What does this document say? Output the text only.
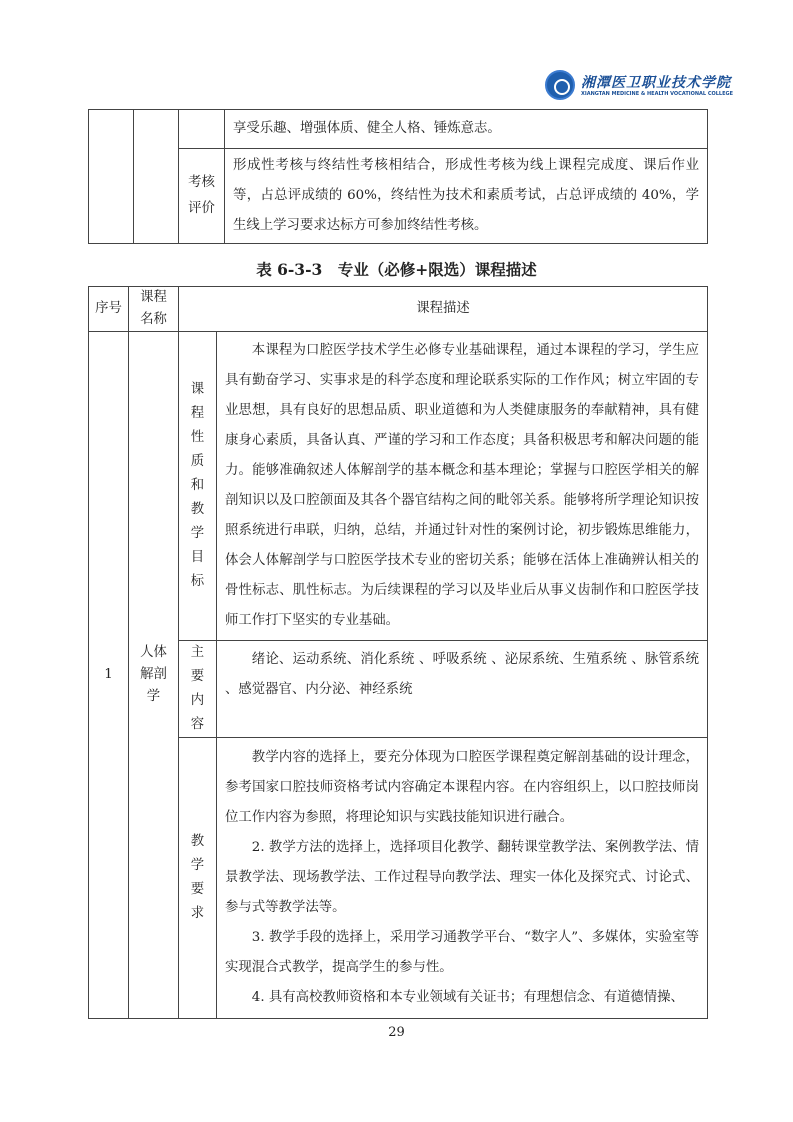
湘潭医卫职业技术学院
XIANGTAN MEDICINE & HEALTH VOCATIONAL COLLEGE
			享受乐趣、增强体质、健全人格、锤炼意志。
		考核评价	形成性考核与终结性考核相结合，形成性考核为线上课程完成度、课后作业等，占总评成绩的 60%，终结性为技术和素质考试，占总评成绩的 40%，学生线上学习要求达标方可参加终结性考核。
表 6-3-3　专业（必修+限选）课程描述
序号	课程名称	课程描述	
1	人体解剖学	课程性质和教学目标	本课程为口腔医学技术学生必修专业基础课程，通过本课程的学习，学生应具有勤奋学习、实事求是的科学态度和理论联系实际的工作作风；树立牢固的专业思想，具有良好的思想品质、职业道德和为人类健康服务的奉献精神，具有健康身心素质，具备认真、严谨的学习和工作态度；具备积极思考和解决问题的能力。能够准确叙述人体解剖学的基本概念和基本理论；掌握与口腔医学相关的解剖知识以及口腔颌面及其各个器官结构之间的毗邻关系。能够将所学理论知识按照系统进行串联，归纳，总结，并通过针对性的案例讨论，初步锻炼思维能力，体会人体解剖学与口腔医学技术专业的密切关系；能够在活体上准确辨认相关的骨性标志、肌性标志。为后续课程的学习以及毕业后从事义齿制作和口腔医学技师工作打下坚实的专业基础。

		主要内容	绪论、运动系统、消化系统 、呼吸系统 、泌尿系统、生殖系统 、脉管系统 、感觉器官、内分泌、神经系统

		教学要求	教学内容的选择上，要充分体现为口腔医学课程奠定解剖基础的设计理念，参考国家口腔技师资格考试内容确定本课程内容。在内容组织上，以口腔技师岗位工作内容为参照，将理论知识与实践技能知识进行融合。

2. 教学方法的选择上，选择项目化教学、翻转课堂教学法、案例教学法、情景教学法、现场教学法、工作过程导向教学法、理实一体化及探究式、讨论式、参与式等教学法等。

3. 教学手段的选择上，采用学习通教学平台、“数字人”、多媒体，实验室等实现混合式教学，提高学生的参与性。

4. 具有高校教师资格和本专业领域有关证书；有理想信念、有道德情操、

29
